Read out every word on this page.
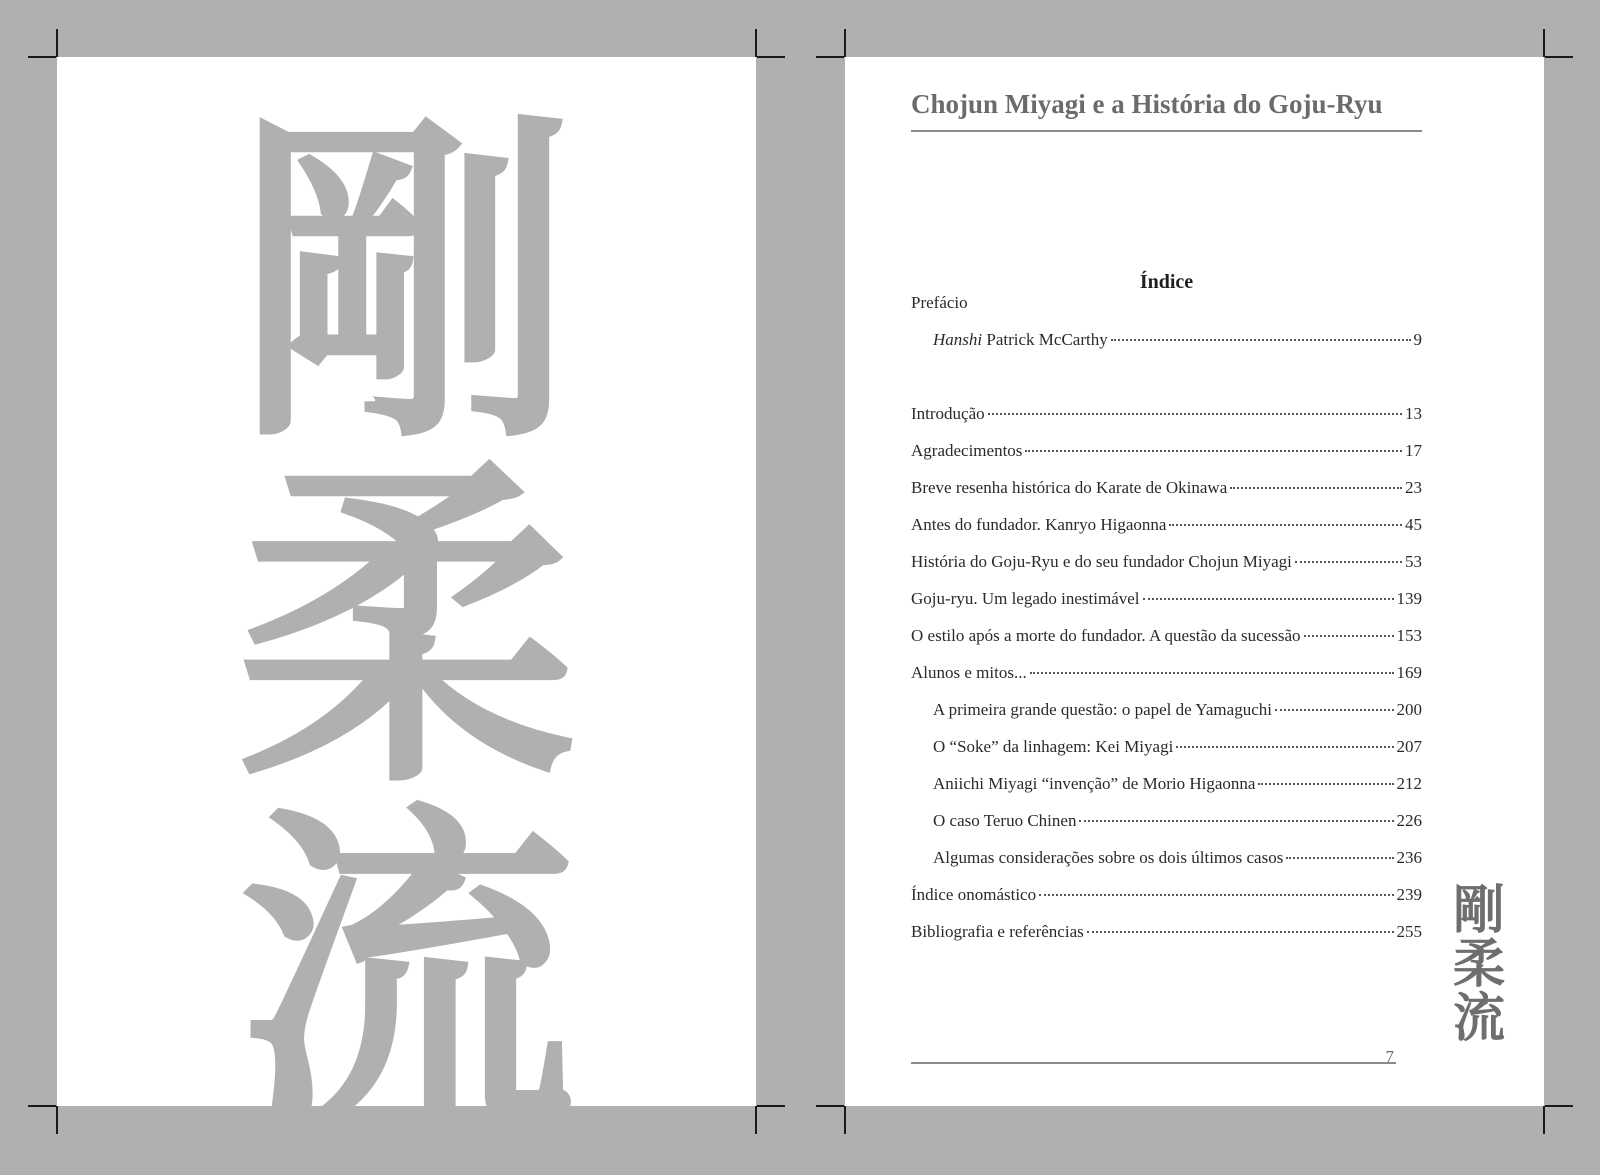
剛
柔
流
Chojun Miyagi e a História do Goju-Ryu
Índice
Prefácio
Hanshi Patrick McCarthy	9
Introdução	13
Agradecimentos	17
Breve resenha histórica do Karate de Okinawa	23
Antes do fundador. Kanryo Higaonna	45
História do Goju-Ryu e do seu fundador Chojun Miyagi	53
Goju-ryu. Um legado inestimável	139
O estilo após a morte do fundador. A questão da sucessão	153
Alunos e mitos...	169
A primeira grande questão: o papel de Yamaguchi	200
O “Soke” da linhagem: Kei Miyagi	207
Aniichi Miyagi “invenção” de Morio Higaonna	212
O caso Teruo Chinen	226
Algumas considerações sobre os dois últimos casos	236
Índice onomástico	239
Bibliografia e referências	255 剛
柔
流
7
